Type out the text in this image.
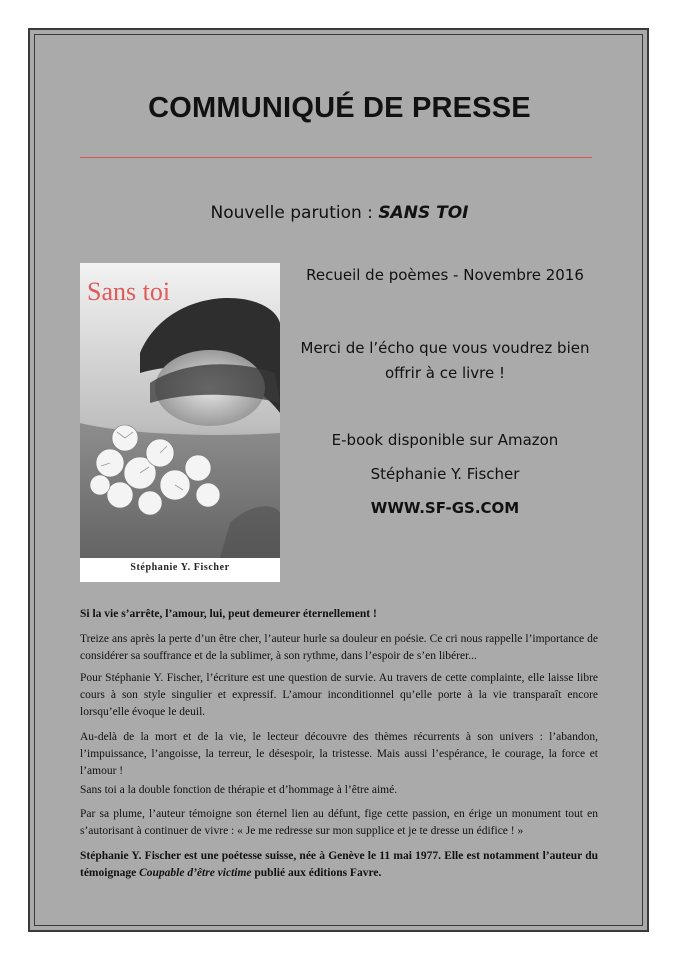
COMMUNIQUÉ DE PRESSE
Nouvelle parution : SANS TOI
Sans toi
Stéphanie Y. Fischer
Recueil de poèmes - Novembre 2016
Merci de l’écho que vous voudrez bien
offrir à ce livre !
E-book disponible sur Amazon
Stéphanie Y. Fischer
WWW.SF-GS.COM
Si la vie s’arrête, l’amour, lui, peut demeurer éternellement !
Treize ans après la perte d’un être cher, l’auteur hurle sa douleur en poésie. Ce cri nous rappelle l’importance de considérer sa souffrance et de la sublimer, à son rythme, dans l’espoir de s’en libérer...
Pour Stéphanie Y. Fischer, l’écriture est une question de survie. Au travers de cette complainte, elle laisse libre cours à son style singulier et expressif. L’amour inconditionnel qu’elle porte à la vie transparaît encore lorsqu’elle évoque le deuil.
Au-delà de la mort et de la vie, le lecteur découvre des thèmes récurrents à son univers : l’abandon, l’impuissance, l’angoisse, la terreur, le désespoir, la tristesse. Mais aussi l’espérance, le courage, la force et l’amour !
Sans toi a la double fonction de thérapie et d’hommage à l’être aimé.
Par sa plume, l’auteur témoigne son éternel lien au défunt, fige cette passion, en érige un monument tout en s’autorisant à continuer de vivre : « Je me redresse sur mon supplice et je te dresse un édifice ! »
Stéphanie Y. Fischer est une poétesse suisse, née à Genève le 11 mai 1977. Elle est notamment l’auteur du témoignage Coupable d’être victime publié aux éditions Favre.
